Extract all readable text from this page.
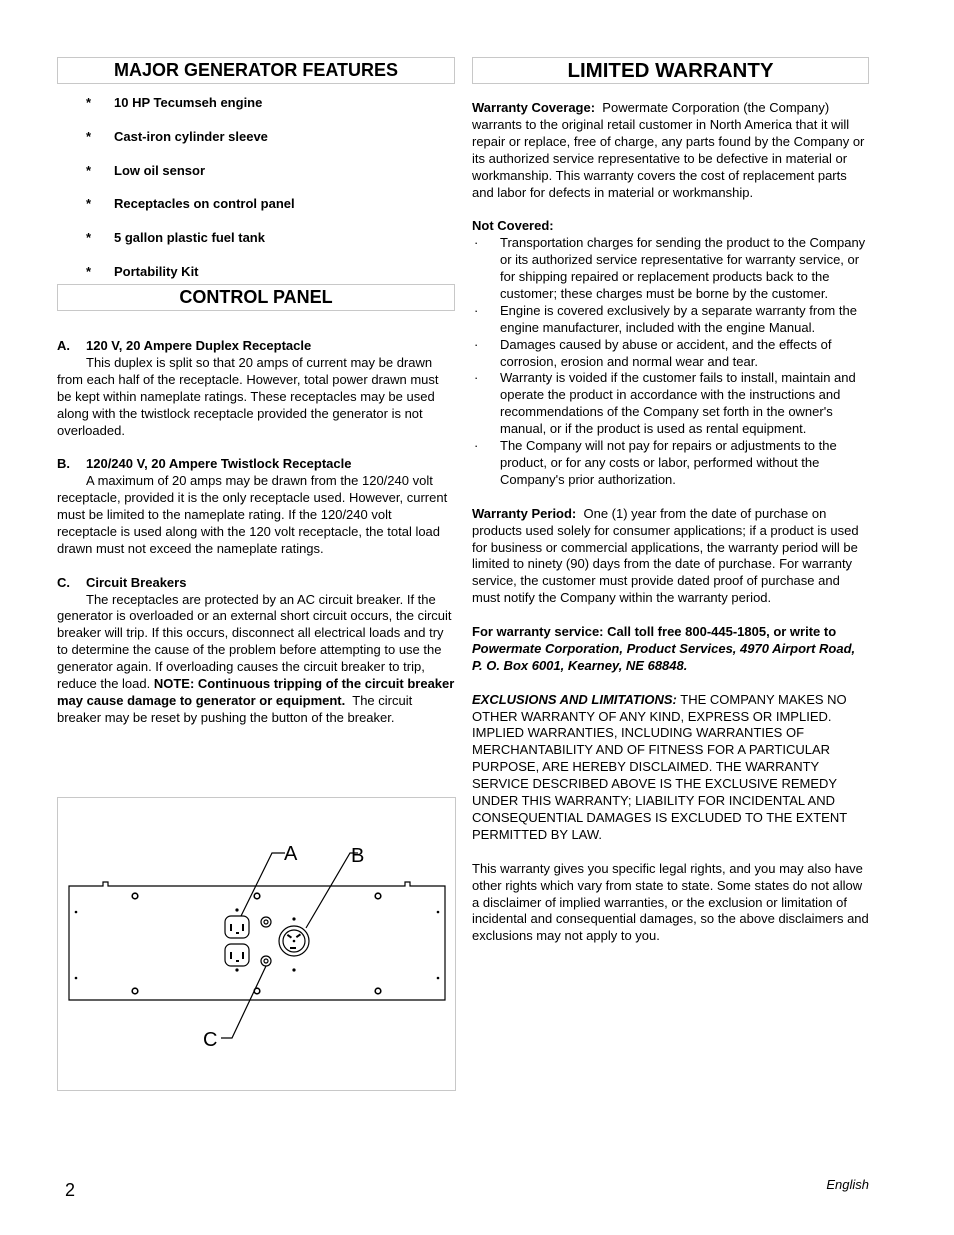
MAJOR GENERATOR FEATURES
* 10 HP Tecumseh engine
* Cast-iron cylinder sleeve
* Low oil sensor
* Receptacles on control panel
* 5 gallon plastic fuel tank
* Portability Kit
CONTROL PANEL
A. 120 V, 20 Ampere Duplex Receptacle

This duplex is split so that 20 amps of current may be drawn from each half of the receptacle. However, total power drawn must be kept within nameplate ratings. These receptacles may be used along with the twistlock receptacle provided the generator is not overloaded.

B. 120/240 V, 20 Ampere Twistlock Receptacle

A maximum of 20 amps may be drawn from the 120/240 volt receptacle, provided it is the only receptacle used. However, current must be limited to the nameplate rating. If the 120/240 volt receptacle is used along with the 120 volt receptacle, the total load drawn must not exceed the nameplate ratings.

C. Circuit Breakers

The receptacles are protected by an AC circuit breaker. If the generator is overloaded or an external short circuit occurs, the circuit breaker will trip. If this occurs, disconnect all electrical loads and try to determine the cause of the problem before attempting to use the generator again. If overloading causes the circuit breaker to trip, reduce the load. NOTE: Continuous tripping of the circuit breaker may cause damage to generator or equipment. The circuit breaker may be reset by pushing the button of the breaker.

A	B
C
LIMITED WARRANTY

Warranty Coverage: Powermate Corporation (the Company) warrants to the original retail customer in North America that it will repair or replace, free of charge, any parts found by the Company or its authorized service representative to be defective in material or workmanship. This warranty covers the cost of replacement parts and labor for defects in material or workmanship.

Not Covered:

· Transportation charges for sending the product to the Company or its authorized service representative for warranty service, or for shipping repaired or replacement products back to the customer; these charges must be borne by the customer.
· Engine is covered exclusively by a separate warranty from the engine manufacturer, included with the engine Manual.
· Damages caused by abuse or accident, and the effects of corrosion, erosion and normal wear and tear.
· Warranty is voided if the customer fails to install, maintain and operate the product in accordance with the instructions and recommendations of the Company set forth in the owner's manual, or if the product is used as rental equipment.
· The Company will not pay for repairs or adjustments to the product, or for any costs or labor, performed without the Company's prior authorization.

Warranty Period: One (1) year from the date of purchase on products used solely for consumer applications; if a product is used for business or commercial applications, the warranty period will be limited to ninety (90) days from the date of purchase. For warranty service, the customer must provide dated proof of purchase and must notify the Company within the warranty period.

For warranty service: Call toll free 800-445-1805, or write to Powermate Corporation, Product Services, 4970 Airport Road, P. O. Box 6001, Kearney, NE 68848.

EXCLUSIONS AND LIMITATIONS: THE COMPANY MAKES NO OTHER WARRANTY OF ANY KIND, EXPRESS OR IMPLIED. IMPLIED WARRANTIES, INCLUDING WARRANTIES OF MERCHANTABILITY AND OF FITNESS FOR A PARTICULAR PURPOSE, ARE HEREBY DISCLAIMED. THE WARRANTY SERVICE DESCRIBED ABOVE IS THE EXCLUSIVE REMEDY UNDER THIS WARRANTY; LIABILITY FOR INCIDENTAL AND CONSEQUENTIAL DAMAGES IS EXCLUDED TO THE EXTENT PERMITTED BY LAW.

This warranty gives you specific legal rights, and you may also have other rights which vary from state to state. Some states do not allow a disclaimer of implied warranties, or the exclusion or limitation of incidental and consequential damages, so the above disclaimers and exclusions may not apply to you.

2	English
